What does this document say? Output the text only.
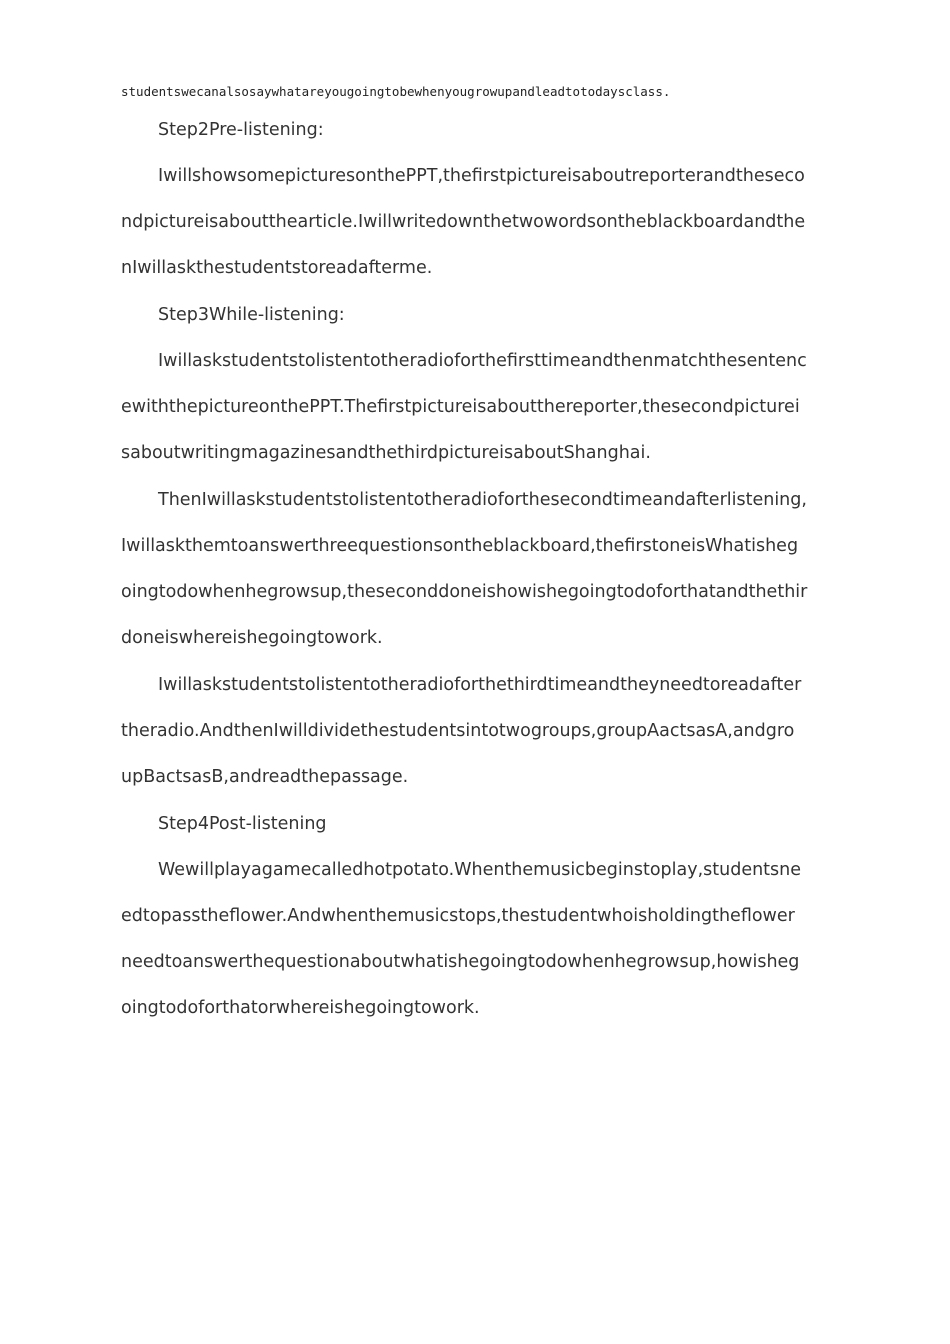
studentswecanalsosaywhatareyougoingtobewhenyougrowupandleadtotodaysclass.
Step2Pre-listening:
IwillshowsomepicturesonthePPT,thefirstpictureisaboutreporterandtheseco
ndpictureisaboutthearticle.Iwillwritedownthetwowordsontheblackboardandthe
nIwillaskthestudentstoreadafterme.
Step3While-listening:
Iwillaskstudentstolistentotheradioforthefirsttimeandthenmatchthesentenc
ewiththepictureonthePPT.Thefirstpictureisaboutthereporter,thesecondpicturei
saboutwritingmagazinesandthethirdpictureisaboutShanghai.
ThenIwillaskstudentstolistentotheradioforthesecondtimeandafterlistening,
Iwillaskthemtoanswerthreequestionsontheblackboard,thefirstoneisWhatisheg
oingtodowhenhegrowsup,theseconddoneishowishegoingtodoforthatandthethir
doneiswhereishegoingtowork.
Iwillaskstudentstolistentotheradioforthethirdtimeandtheyneedtoreadafter
theradio.AndthenIwilldividethestudentsintotwogroups,groupAactsasA,andgro
upBactsasB,andreadthepassage.
Step4Post-listening
Wewillplayagamecalledhotpotato.Whenthemusicbeginstoplay,studentsne
edtopasstheflower.Andwhenthemusicstops,thestudentwhoisholdingtheflower
needtoanswerthequestionaboutwhatishegoingtodowhenhegrowsup,howisheg
oingtodoforthatorwhereishegoingtowork.
